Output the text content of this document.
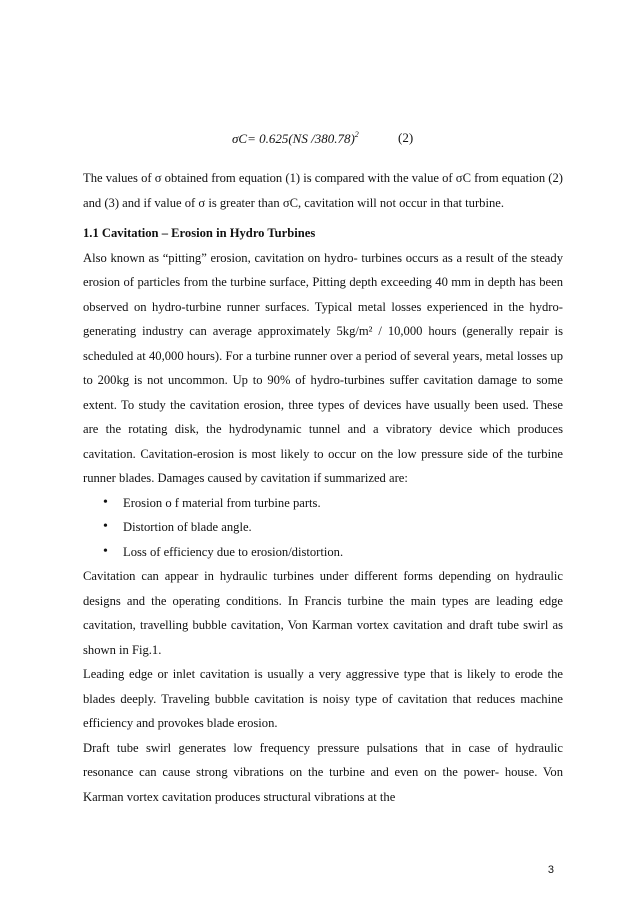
σC= 0.625(NS /380.78)$^2$	(2)

The values of σ obtained from equation (1) is compared with the value of σC from equation (2) and (3) and if value of σ is greater than σC, cavitation will not occur in that turbine.

1.1 Cavitation – Erosion in Hydro Turbines

Also known as “pitting” erosion, cavitation on hydro- turbines occurs as a result of the steady erosion of particles from the turbine surface, Pitting depth exceeding 40 mm in depth has been observed on hydro-turbine runner surfaces. Typical metal losses experienced in the hydro-generating industry can average approximately 5kg/m² / 10,000 hours (generally repair is scheduled at 40,000 hours). For a turbine runner over a period of several years, metal losses up to 200kg is not uncommon. Up to 90% of hydro-turbines suffer cavitation damage to some extent. To study the cavitation erosion, three types of devices have usually been used. These are the rotating disk, the hydrodynamic tunnel and a vibratory device which produces cavitation. Cavitation-erosion is most likely to occur on the low pressure side of the turbine runner blades. Damages caused by cavitation if summarized are:

• Erosion o f material from turbine parts.
• Distortion of blade angle.
• Loss of efficiency due to erosion/distortion.

Cavitation can appear in hydraulic turbines under different forms depending on hydraulic designs and the operating conditions. In Francis turbine the main types are leading edge cavitation, travelling bubble cavitation, Von Karman vortex cavitation and draft tube swirl as shown in Fig.1.

Leading edge or inlet cavitation is usually a very aggressive type that is likely to erode the blades deeply. Traveling bubble cavitation is noisy type of cavitation that reduces machine efficiency and provokes blade erosion.

Draft tube swirl generates low frequency pressure pulsations that in case of hydraulic resonance can cause strong vibrations on the turbine and even on the power- house. Von Karman vortex cavitation produces structural vibrations at the

3
